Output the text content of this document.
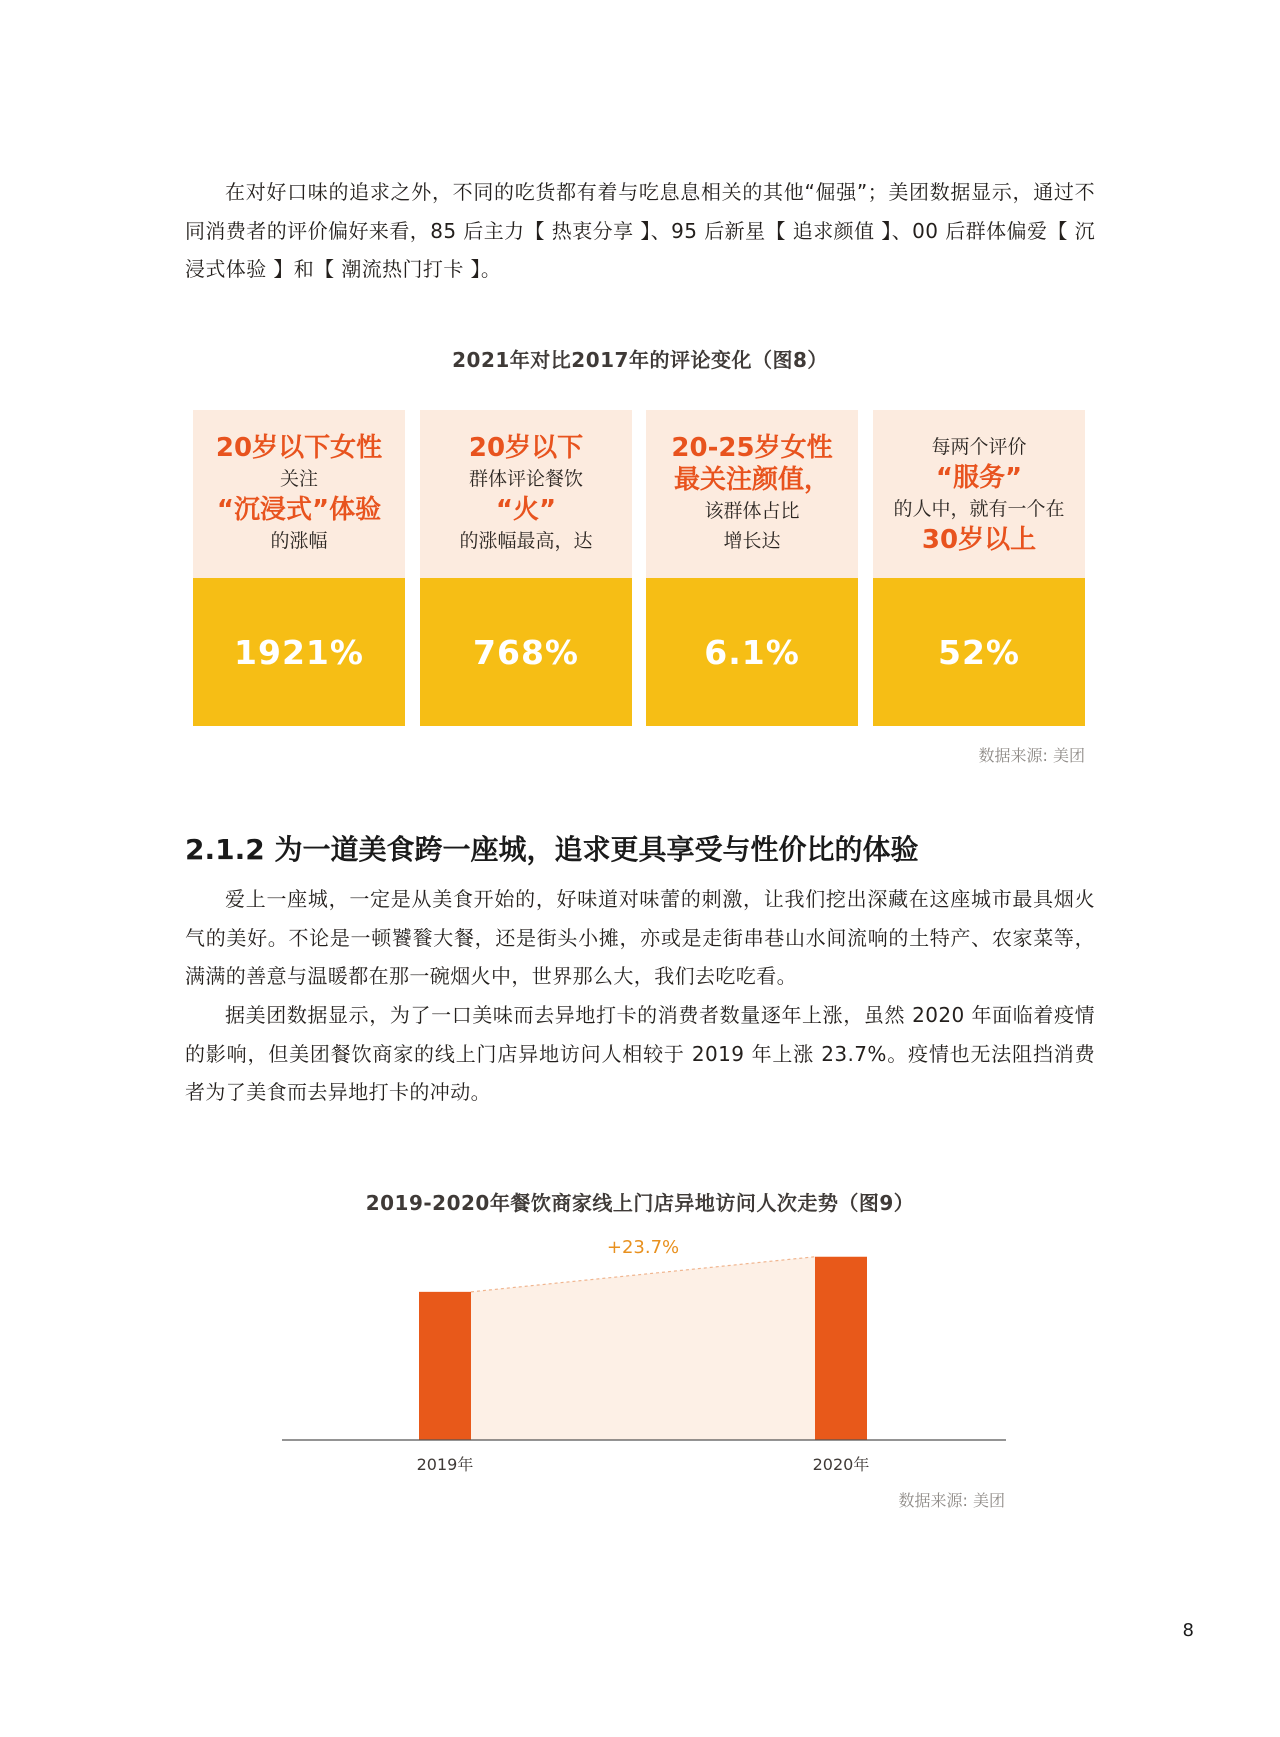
在对好口味的追求之外，不同的吃货都有着与吃息息相关的其他“倔强”；美团数据显示，通过不同消费者的评价偏好来看，85 后主力【 热衷分享 】、95 后新星【 追求颜值 】、00 后群体偏爱【 沉浸式体验 】和【 潮流热门打卡 】。

2021年对比2017年的评论变化（图8）
20岁以下女性
关注
“沉浸式”体验
的涨幅
1921%
20岁以下
群体评论餐饮
“火”
的涨幅最高，达
768%
20-25岁女性
最关注颜值，
该群体占比
增长达
6.1%
每两个评价
“服务”
的人中，就有一个在
30岁以上
52%
数据来源: 美团
2.1.2 为一道美食跨一座城，追求更具享受与性价比的体验

爱上一座城，一定是从美食开始的，好味道对味蕾的刺激，让我们挖出深藏在这座城市最具烟火气的美好。不论是一顿饕餮大餐，还是街头小摊，亦或是走街串巷山水间流响的土特产、农家菜等，满满的善意与温暖都在那一碗烟火中，世界那么大，我们去吃吃看。

据美团数据显示，为了一口美味而去异地打卡的消费者数量逐年上涨，虽然 2020 年面临着疫情的影响，但美团餐饮商家的线上门店异地访问人相较于 2019 年上涨 23.7%。疫情也无法阻挡消费者为了美食而去异地打卡的冲动。

2019-2020年餐饮商家线上门店异地访问人次走势（图9）
2019年	2020年
+23.7%
数据来源: 美团
8
